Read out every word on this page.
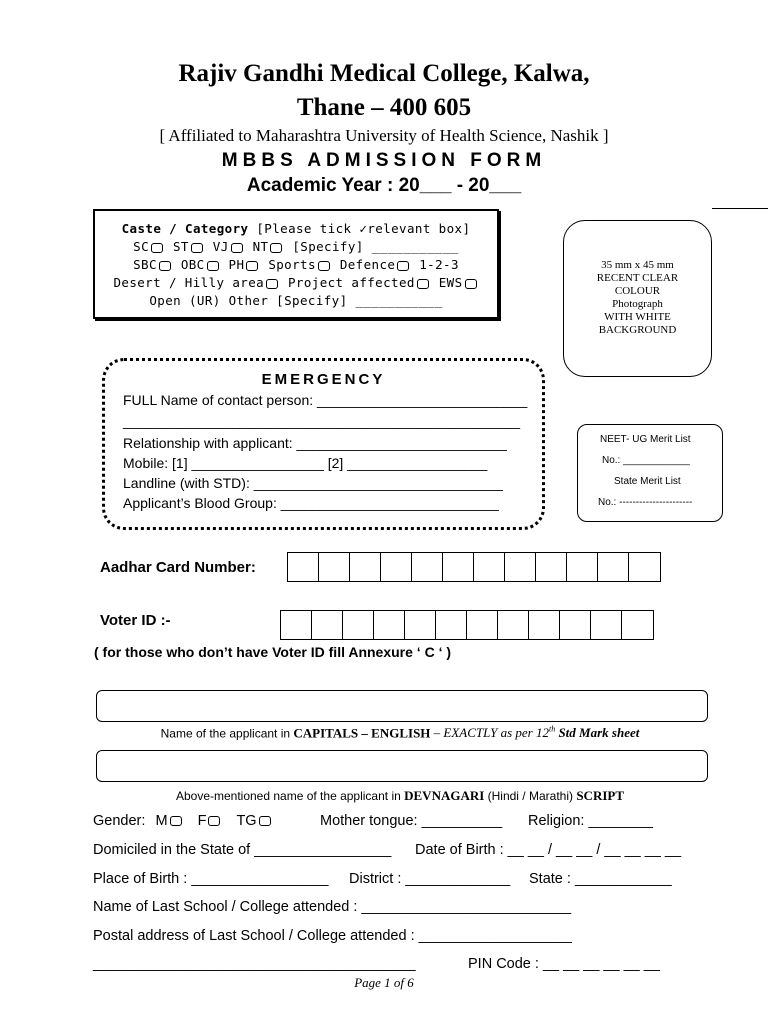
Rajiv Gandhi Medical College, Kalwa,
Thane – 400 605
[ Affiliated to Maharashtra University of Health Science, Nashik ]
MBBS ADMISSION FORM
Academic Year : 20___ - 20___
Caste / Category [Please tick ✓relevant box]
SC ST VJ NT [Specify] ___________
SBC OBC PH Sports Defence 1-2-3
Desert / Hilly area Project affected EWS
Open (UR) Other [Specify] ___________
35 mm x 45 mm
RECENT CLEAR
COLOUR
Photograph
WITH WHITE
BACKGROUND
EMERGENCY
FULL Name of contact person: ___________________________
___________________________________________________
Relationship with applicant: ___________________________
Mobile: [1] _________________ [2] __________________
Landline (with STD): ________________________________
Applicant’s Blood Group: ____________________________
NEET- UG Merit List
No.: ____________
State Merit List
No.: ----------------------
Aadhar Card Number:
Voter ID :-
( for those who don’t have Voter ID fill Annexure ‘ C ‘ )
Name of the applicant in CAPITALS – ENGLISH – EXACTLY as per 12th Std Mark sheet
Above-mentioned name of the applicant in DEVNAGARI (Hindi / Marathi) SCRIPT
Gender: M F TG	Mother tongue: __________ Religion: ________
Domiciled in the State of _________________ Date of Birth : __ __ / __ __ / __ __ __ __
Place of Birth : _________________ District : _____________ State : ____________
Name of Last School / College attended : __________________________
Postal address of Last School / College attended : ___________________
________________________________________	PIN Code : __ __ __ __ __ __
Page 1 of 6
